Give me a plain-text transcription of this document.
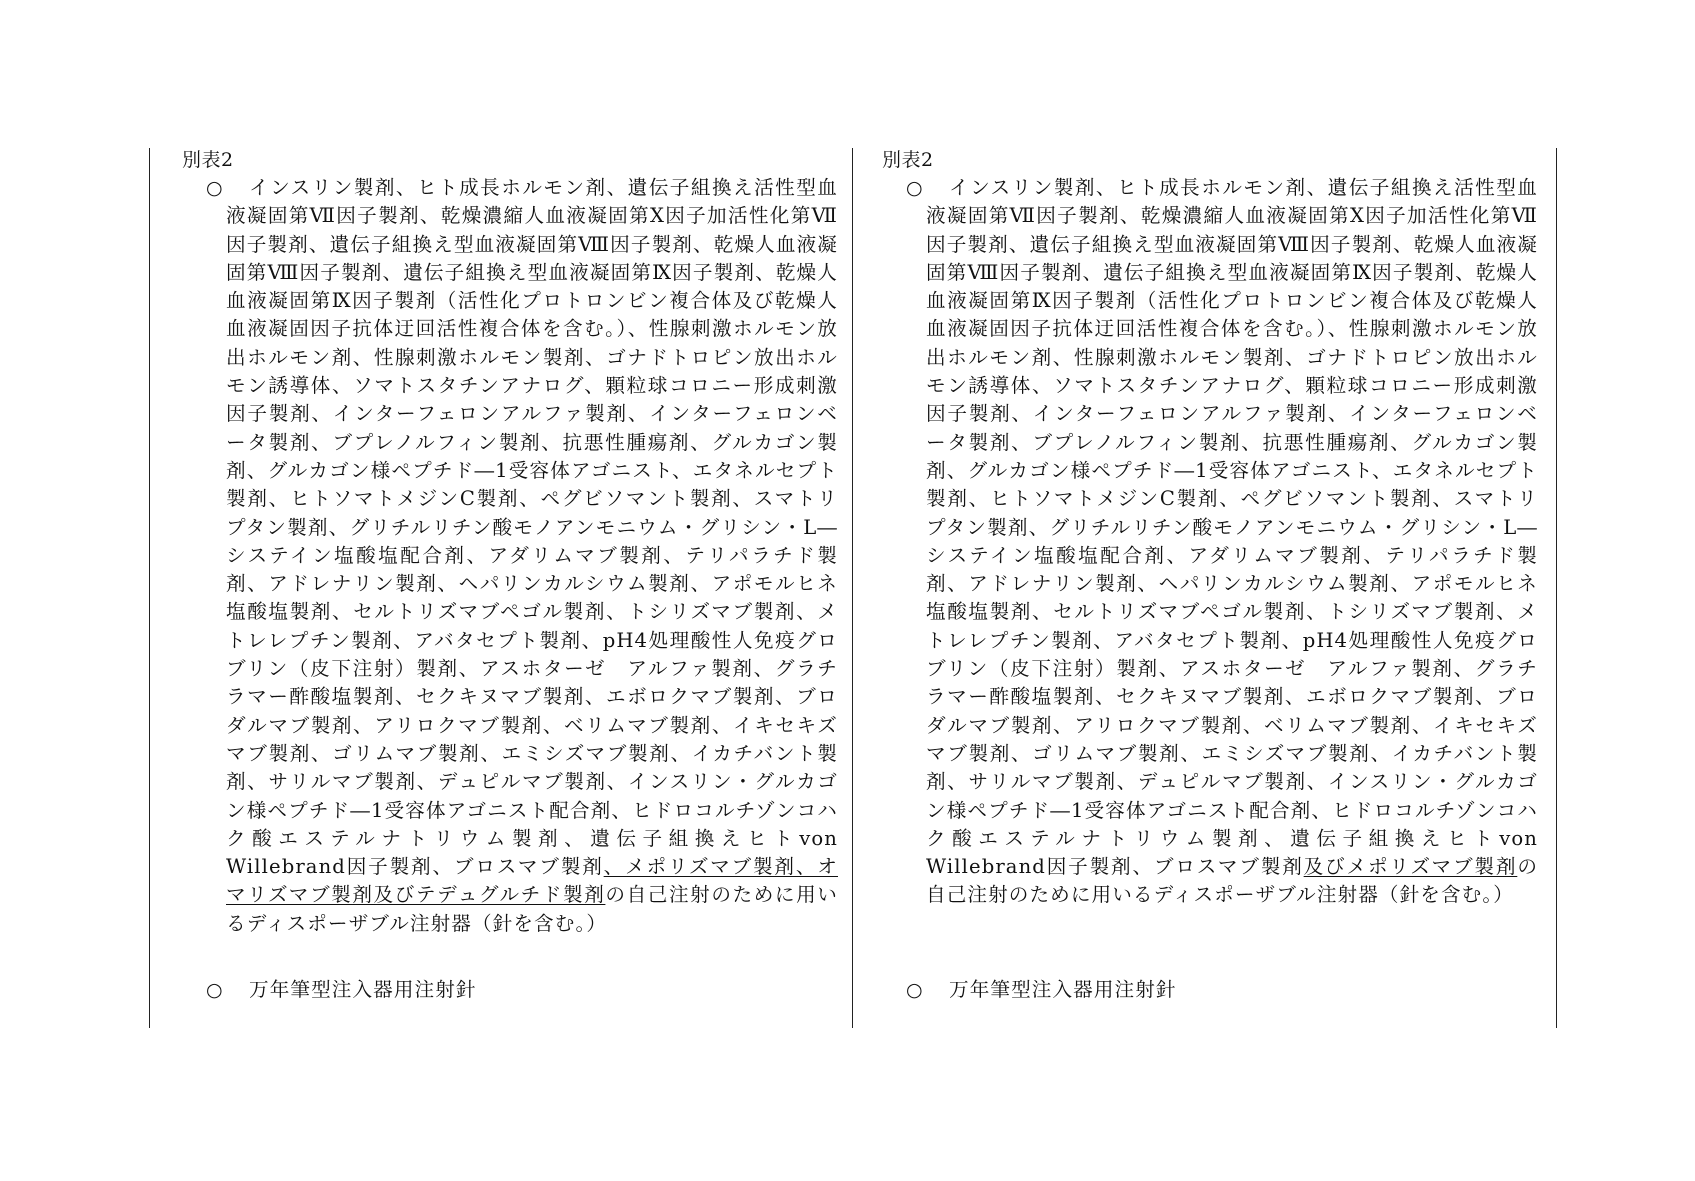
別表2
○	インスリン製剤、ヒト成長ホルモン剤、遺伝子組換え活性型血液凝固第Ⅶ因子製剤、乾燥濃縮人血液凝固第Ⅹ因子加活性化第Ⅶ因子製剤、遺伝子組換え型血液凝固第Ⅷ因子製剤、乾燥人血液凝固第Ⅷ因子製剤、遺伝子組換え型血液凝固第Ⅸ因子製剤、乾燥人血液凝固第Ⅸ因子製剤（活性化プロトロンビン複合体及び乾燥人血液凝固因子抗体迂回活性複合体を含む。）、性腺刺激ホルモン放出ホルモン剤、性腺刺激ホルモン製剤、ゴナドトロピン放出ホルモン誘導体、ソマトスタチンアナログ、顆粒球コロニー形成刺激因子製剤、インターフェロンアルファ製剤、インターフェロンベータ製剤、ブプレノルフィン製剤、抗悪性腫瘍剤、グルカゴン製剤、グルカゴン様ペプチド―1受容体アゴニスト、エタネルセプト製剤、ヒトソマトメジンC製剤、ペグビソマント製剤、スマトリプタン製剤、グリチルリチン酸モノアンモニウム・グリシン・L―システイン塩酸塩配合剤、アダリムマブ製剤、テリパラチド製剤、アドレナリン製剤、ヘパリンカルシウム製剤、アポモルヒネ塩酸塩製剤、セルトリズマブペゴル製剤、トシリズマブ製剤、メトレレプチン製剤、アバタセプト製剤、pH4処理酸性人免疫グロブリン（皮下注射）製剤、アスホターゼ　アルファ製剤、グラチラマー酢酸塩製剤、セクキヌマブ製剤、エボロクマブ製剤、ブロダルマブ製剤、アリロクマブ製剤、ベリムマブ製剤、イキセキズマブ製剤、ゴリムマブ製剤、エミシズマブ製剤、イカチバント製剤、サリルマブ製剤、デュピルマブ製剤、インスリン・グルカゴン様ペプチド―1受容体アゴニスト配合剤、ヒドロコルチゾンコハク酸エステルナトリウム製剤、遺伝子組換えヒトvon Willebrand因子製剤、ブロスマブ製剤、メポリズマブ製剤、オマリズマブ製剤及びテデュグルチド製剤の自己注射のために用いるディスポーザブル注射器（針を含む。）

○	万年筆型注入器用注射針

別表2
○	インスリン製剤、ヒト成長ホルモン剤、遺伝子組換え活性型血液凝固第Ⅶ因子製剤、乾燥濃縮人血液凝固第Ⅹ因子加活性化第Ⅶ因子製剤、遺伝子組換え型血液凝固第Ⅷ因子製剤、乾燥人血液凝固第Ⅷ因子製剤、遺伝子組換え型血液凝固第Ⅸ因子製剤、乾燥人血液凝固第Ⅸ因子製剤（活性化プロトロンビン複合体及び乾燥人血液凝固因子抗体迂回活性複合体を含む。）、性腺刺激ホルモン放出ホルモン剤、性腺刺激ホルモン製剤、ゴナドトロピン放出ホルモン誘導体、ソマトスタチンアナログ、顆粒球コロニー形成刺激因子製剤、インターフェロンアルファ製剤、インターフェロンベータ製剤、ブプレノルフィン製剤、抗悪性腫瘍剤、グルカゴン製剤、グルカゴン様ペプチド―1受容体アゴニスト、エタネルセプト製剤、ヒトソマトメジンC製剤、ペグビソマント製剤、スマトリプタン製剤、グリチルリチン酸モノアンモニウム・グリシン・L―システイン塩酸塩配合剤、アダリムマブ製剤、テリパラチド製剤、アドレナリン製剤、ヘパリンカルシウム製剤、アポモルヒネ塩酸塩製剤、セルトリズマブペゴル製剤、トシリズマブ製剤、メトレレプチン製剤、アバタセプト製剤、pH4処理酸性人免疫グロブリン（皮下注射）製剤、アスホターゼ　アルファ製剤、グラチラマー酢酸塩製剤、セクキヌマブ製剤、エボロクマブ製剤、ブロダルマブ製剤、アリロクマブ製剤、ベリムマブ製剤、イキセキズマブ製剤、ゴリムマブ製剤、エミシズマブ製剤、イカチバント製剤、サリルマブ製剤、デュピルマブ製剤、インスリン・グルカゴン様ペプチド―1受容体アゴニスト配合剤、ヒドロコルチゾンコハク酸エステルナトリウム製剤、遺伝子組換えヒトvon Willebrand因子製剤、ブロスマブ製剤及びメポリズマブ製剤の自己注射のために用いるディスポーザブル注射器（針を含む。）

○	万年筆型注入器用注射針
